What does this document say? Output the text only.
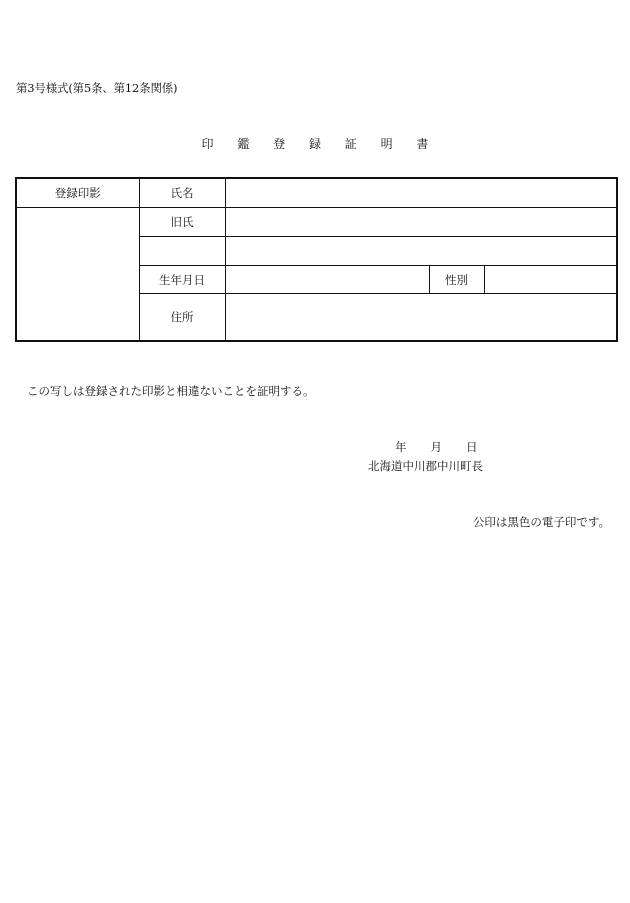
第3号様式(第5条、第12条関係)
印 鑑 登 録 証 明 書
登録印影	氏名			
	旧氏			

	生年月日		性別	
	住所			
この写しは登録された印影と相違ないことを証明する。
年 月 日
北海道中川郡中川町長
公印は黒色の電子印です。
